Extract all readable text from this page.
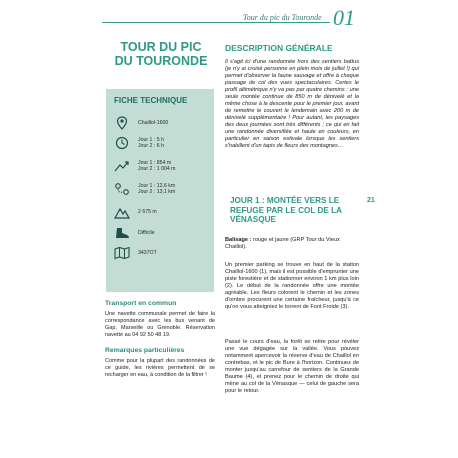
Tour du pic du Touronde 01
TOUR DU PIC
DU TOURONDE
FICHE TECHNIQUE
Chaillol-1600
Jour 1 : 5 h
Jour 2 : 6 h
Jour 1 : 854 m
Jour 2 : 1 004 m
Jour 1 : 12,6 km
Jour 2 : 13,1 km
2 675 m
Difficile
3437OT
Transport en commun
Une navette communale permet de faire la correspondance avec les bus venant de Gap, Marseille ou Grenoble. Réservation navette au 04 92 50 48 19.
Remarques particulières
Comme pour la plupart des randonnées de ce guide, les rivières permettent de se recharger en eau, à condition de la filtrer !
DESCRIPTION GÉNÉRALE
Il s'agit ici d'une randonnée hors des sentiers battus (je n'y ai croisé personne en plein mois de juillet !) qui permet d'observer la faune sauvage et offre à chaque passage de col des vues spectaculaires. Certes le profil altimétrique n'y va pas par quatre chemins : une seule montée continue de 850 m de dénivelé et la même chose à la descente pour le premier jour, avant de remettre le couvert le lendemain avec 200 m de dénivelé supplémentaire ! Pour autant, les paysages des deux journées sont très différents ; ce qui en fait une randonnée diversifiée et haute en couleurs, en particulier en saison estivale lorsque les sentiers s'habillent d'un tapis de fleurs des montagnes…
JOUR 1 : MONTÉE VERS LE REFUGE PAR LE COL DE LA VÉNASQUE
Balisage : rouge et jaune (GRP Tour du Vieux Chaillol).
Un premier parking se trouve en haut de la station Chaillol-1600 (1), mais il est possible d'emprunter une piste forestière et de stationner environ 1 km plus loin (2). Le début de la randonnée offre une montée agréable. Les fleurs colorent le chemin et les zones d'ombre procurent une certaine fraîcheur, jusqu'à ce qu'on vous atteigniez le torrent de Font Froide (3).
Passé le cours d'eau, la forêt se retire pour révéler une vue dégagée sur la vallée. Vous pouvez notamment apercevoir la réserve d'eau de Chaillol en contrebas, et le pic de Bure à l'horizon. Continuez de monter jusqu'au carrefour de sentiers de la Grande Baume (4), et prenez pour le chemin de droite qui mène au col de la Vénasque — celui de gauche sera pour le retour.
21
